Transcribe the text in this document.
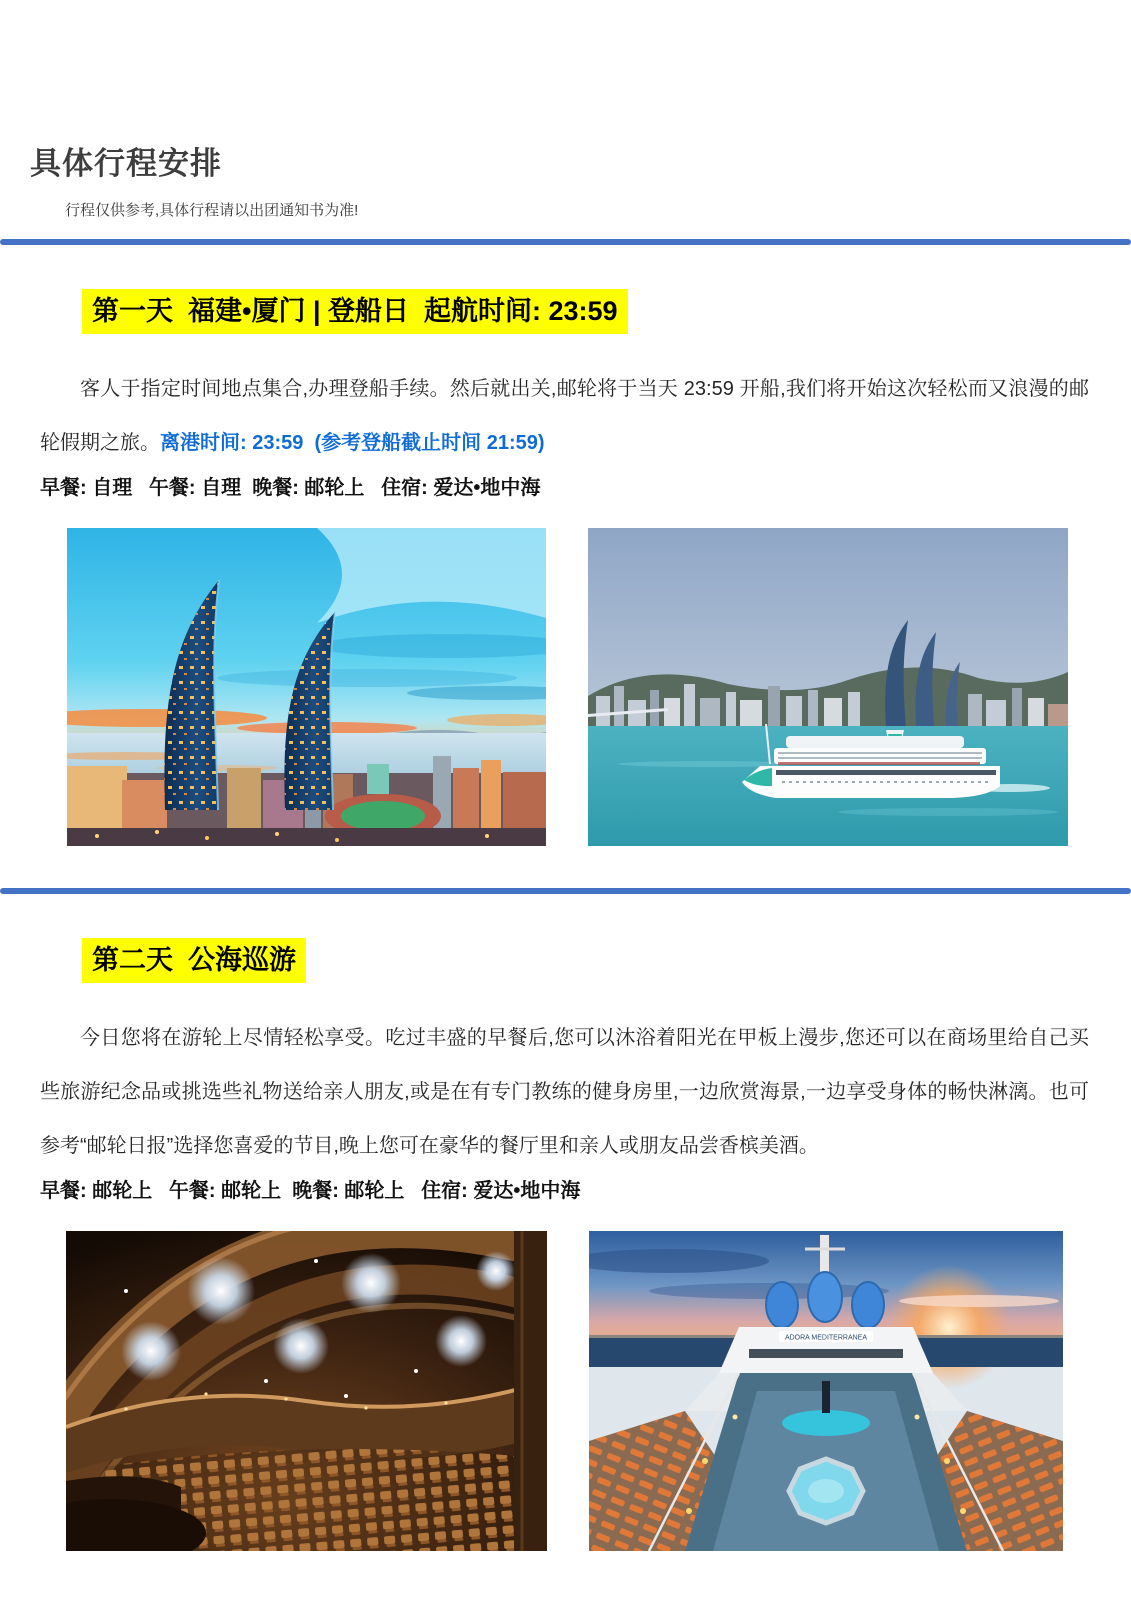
具体行程安排
行程仅供参考,具体行程请以出团通知书为准!
第一天  福建•厦门 | 登船日  起航时间: 23:59

客人于指定时间地点集合,办理登船手续。然后就出关,邮轮将于当天 23:59 开船,我们将开始这次轻松而又浪漫的邮轮假期之旅。离港时间: 23:59  (参考登船截止时间 21:59)

早餐: 自理   午餐: 自理  晚餐: 邮轮上   住宿: 爱达•地中海

第二天  公海巡游

今日您将在游轮上尽情轻松享受。吃过丰盛的早餐后,您可以沐浴着阳光在甲板上漫步,您还可以在商场里给自己买些旅游纪念品或挑选些礼物送给亲人朋友,或是在有专门教练的健身房里,一边欣赏海景,一边享受身体的畅快淋漓。也可参考“邮轮日报”选择您喜爱的节目,晚上您可在豪华的餐厅里和亲人或朋友品尝香槟美酒。

早餐: 邮轮上   午餐: 邮轮上  晚餐: 邮轮上   住宿: 爱达•地中海

ADORA MEDITERRANEA
